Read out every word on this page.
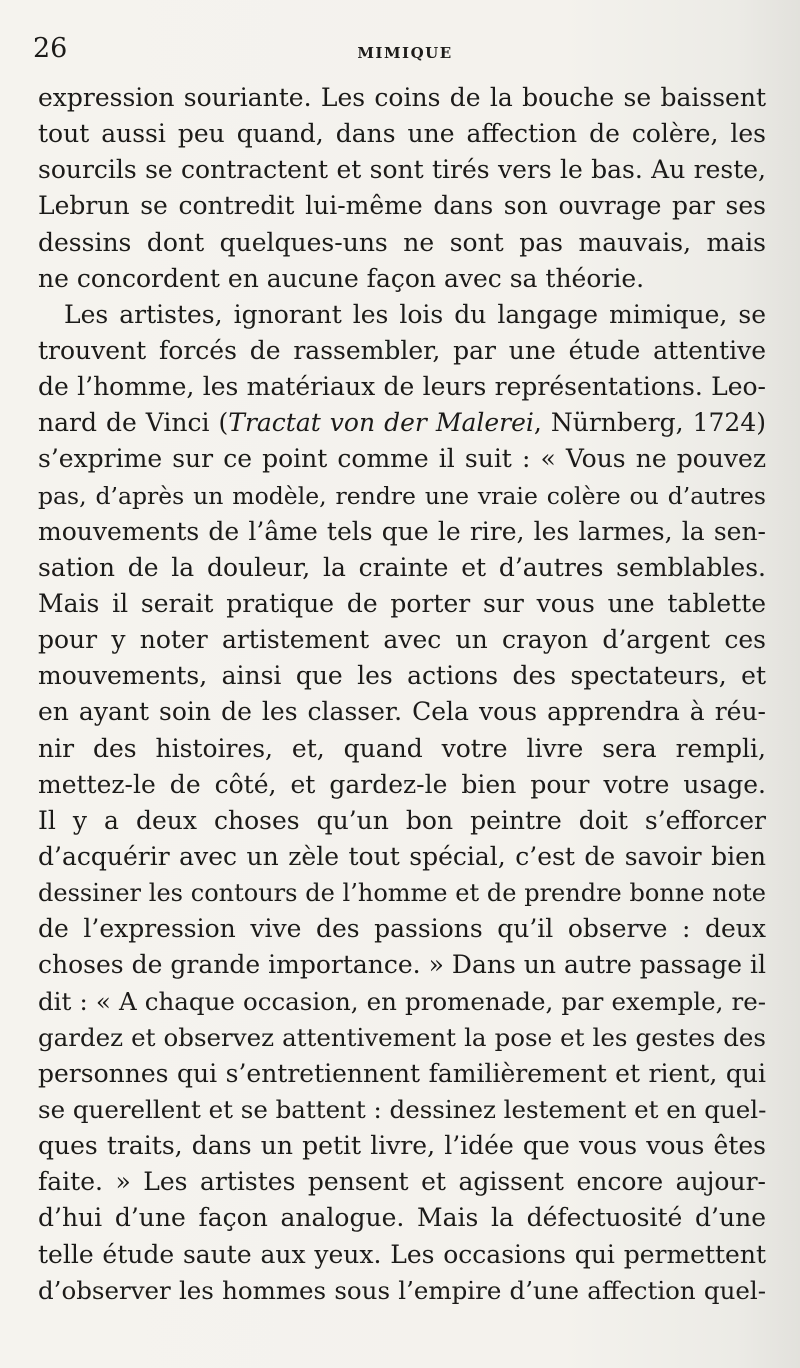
26	MIMIQUE
expression souriante. Les coins de la bouche se baissent
tout aussi peu quand, dans une affection de colère, les
sourcils se contractent et sont tirés vers le bas. Au reste,
Lebrun se contredit lui-même dans son ouvrage par ses
dessins dont quelques-uns ne sont pas mauvais, mais
ne concordent en aucune façon avec sa théorie.
Les artistes, ignorant les lois du langage mimique, se
trouvent forcés de rassembler, par une étude attentive
de l’homme, les matériaux de leurs représentations. Leo-
nard de Vinci (Tractat von der Malerei, Nürnberg, 1724)
s’exprime sur ce point comme il suit : « Vous ne pouvez
pas, d’après un modèle, rendre une vraie colère ou d’autres
mouvements de l’âme tels que le rire, les larmes, la sen-
sation de la douleur, la crainte et d’autres semblables.
Mais il serait pratique de porter sur vous une tablette
pour y noter artistement avec un crayon d’argent ces
mouvements, ainsi que les actions des spectateurs, et
en ayant soin de les classer. Cela vous apprendra à réu-
nir des histoires, et, quand votre livre sera rempli,
mettez-le de côté, et gardez-le bien pour votre usage.
Il y a deux choses qu’un bon peintre doit s’efforcer
d’acquérir avec un zèle tout spécial, c’est de savoir bien
dessiner les contours de l’homme et de prendre bonne note
de l’expression vive des passions qu’il observe : deux
choses de grande importance. » Dans un autre passage il
dit : « A chaque occasion, en promenade, par exemple, re-
gardez et observez attentivement la pose et les gestes des
personnes qui s’entretiennent familièrement et rient, qui
se querellent et se battent : dessinez lestement et en quel-
ques traits, dans un petit livre, l’idée que vous vous êtes
faite. » Les artistes pensent et agissent encore aujour-
d’hui d’une façon analogue. Mais la défectuosité d’une
telle étude saute aux yeux. Les occasions qui permettent
d’observer les hommes sous l’empire d’une affection quel-
